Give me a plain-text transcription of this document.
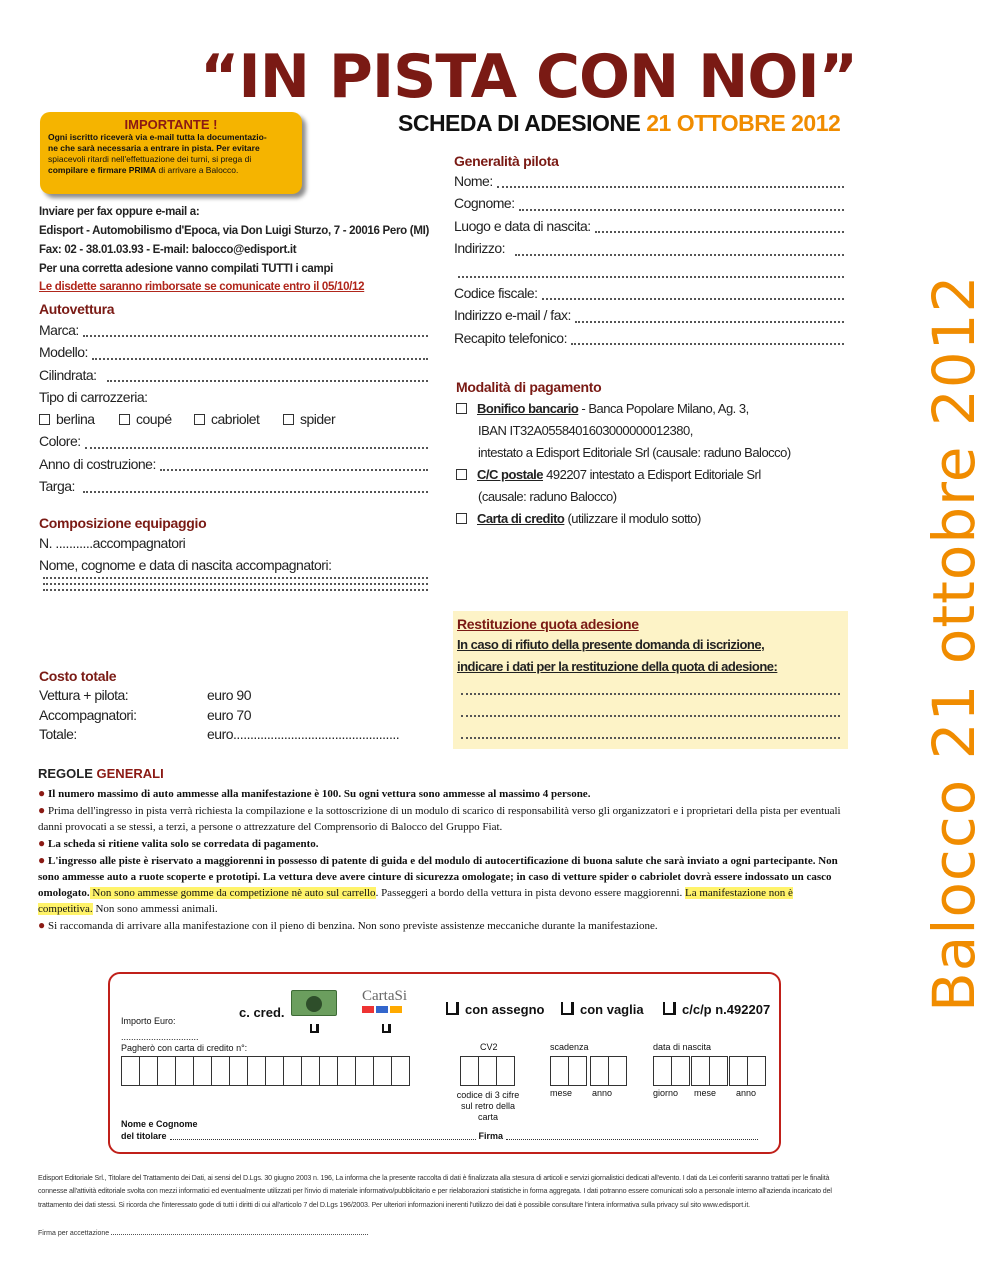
“IN PISTA CON NOI”
SCHEDA DI ADESIONE 21 OTTOBRE 2012
Balocco 21 ottobre 2012
IMPORTANTE !
Ogni iscritto riceverà via e-mail tutta la documentazio-
ne che sarà necessaria a entrare in pista. Per evitare
spiacevoli ritardi nell'effettuazione dei turni, si prega di
compilare e firmare PRIMA di arrivare a Balocco.
Inviare per fax oppure e-mail a:
Edisport - Automobilismo d'Epoca, via Don Luigi Sturzo, 7 - 20016 Pero (MI)
Fax: 02 - 38.01.03.93 - E-mail: balocco@edisport.it
Per una corretta adesione vanno compilati TUTTI i campi
Le disdette saranno rimborsate se comunicate entro il 05/10/12
Autovettura
Marca:
Modello:
Cilindrata:
Tipo di carrozzeria:
berlina	coupé	cabriolet	spider
Colore:
Anno di costruzione:
Targa:
Composizione equipaggio
N. ...........accompagnatori
Nome, cognome e data di nascita accompagnatori:
Costo totale
Vettura + pilota:	euro 90
Accompagnatori:	euro 70
Totale:	euro.................................................
Generalità pilota
Nome:
Cognome:
Luogo e data di nascita:
Indirizzo:
Codice fiscale:
Indirizzo e-mail / fax:
Recapito telefonico:
Modalità di pagamento
Bonifico bancario - Banca Popolare Milano, Ag. 3,
IBAN IT32A0558401603000000012380,
intestato a Edisport Editoriale Srl (causale: raduno Balocco)
C/C postale 492207 intestato a Edisport Editoriale Srl
(causale: raduno Balocco)
Carta di credito (utilizzare il modulo sotto)
Restituzione quota adesione
In caso di rifiuto della presente domanda di iscrizione,
indicare i dati per la restituzione della quota di adesione:
REGOLE GENERALI
● Il numero massimo di auto ammesse alla manifestazione è 100. Su ogni vettura sono ammesse al massimo 4 persone.
● Prima dell'ingresso in pista verrà richiesta la compilazione e la sottoscrizione di un modulo di scarico di responsabilità verso gli organizzatori e i proprietari della pista per eventuali danni provocati a se stessi, a terzi, a persone o attrezzature del Comprensorio di Balocco del Gruppo Fiat.
● La scheda si ritiene valita solo se corredata di pagamento.
● L'ingresso alle piste è riservato a maggiorenni in possesso di patente di guida e del modulo di autocertificazione di buona salute che sarà inviato a ogni partecipante. Non sono ammesse auto a ruote scoperte e prototipi. La vettura deve avere cinture di sicurezza omologate; in caso di vetture spider o cabriolet dovrà essere indossato un casco omologato. Non sono ammesse gomme da competizione nè auto sul carrello. Passeggeri a bordo della vettura in pista devono essere maggiorenni. La manifestazione non è competitiva. Non sono ammessi animali.
● Si raccomanda di arrivare alla manifestazione con il pieno di benzina. Non sono previste assistenze meccaniche durante la manifestazione.
Importo Euro:
...............................
c. cred.
CartaSi
con assegno	con vaglia	c/c/p n.492207
Pagherò con carta di credito n°:	CV2
codice di 3 cifre
sul retro della carta
scadenza
mese anno
data di nascita
giorno mese anno
Nome e Cognome
del titolare	Firma
Edisport Editoriale Srl., Titolare del Trattamento dei Dati, ai sensi del D.Lgs. 30 giugno 2003 n. 196, La informa che la presente raccolta di dati è finalizzata alla stesura di articoli e servizi giornalistici dedicati all'evento. I dati da Lei conferiti saranno trattati per le finalità connesse all'attività editoriale svolta con mezzi informatici ed eventualmente utilizzati per l'invio di materiale informativo/pubblicitario e per rielaborazioni statistiche in forma aggregata. I dati potranno essere comunicati solo a personale interno all'azienda incaricato del trattamento dei dati stessi. Si ricorda che l'interessato gode di tutti i diritti di cui all'articolo 7 del D.Lgs 196/2003. Per ulteriori informazioni inerenti l'utilizzo dei dati è possibile consultare l'intera informativa sulla privacy sul sito www.edisport.it.
Firma per accettazione
